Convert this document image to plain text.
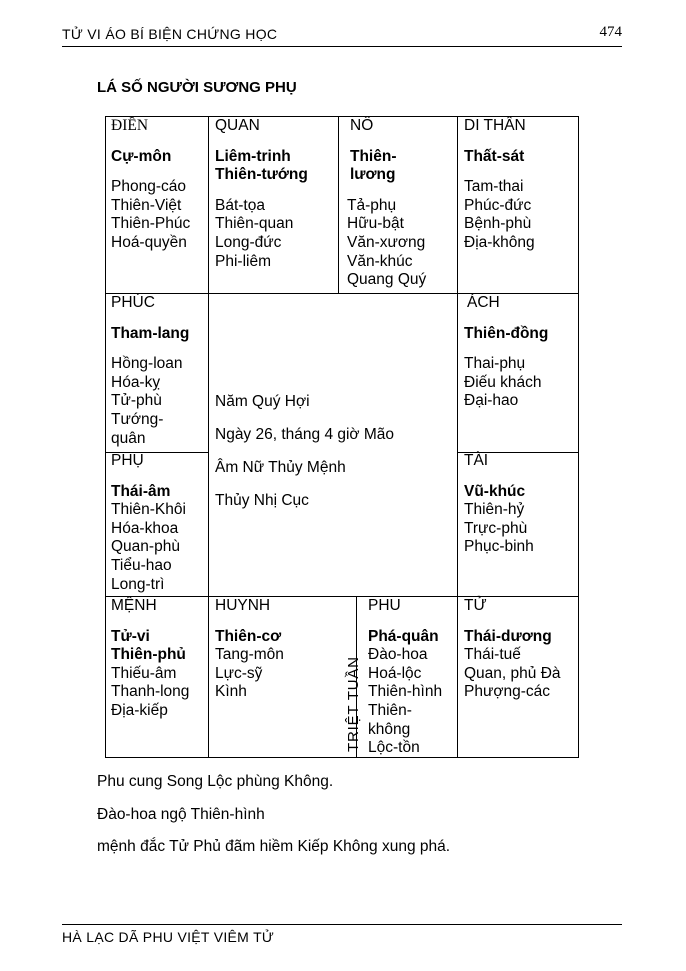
TỬ VI ÁO BÍ BIỆN CHỨNG HỌC	474
LÁ SỐ NGƯỜI SƯƠNG PHỤ
ĐIỀN
Cự-môn
Phong-cáo
Thiên-Việt
Thiên-Phúc
Hoá-quyền
QUAN
Liêm-trinh
Thiên-tướng
Bát-tọa
Thiên-quan
Long-đức
Phi-liêm
NÔ
Thiên-
lương
Tả-phụ
Hữu-bật
Văn-xương
Văn-khúc
Quang Quý
DI THÂN
Thất-sát
Tam-thai
Phúc-đức
Bệnh-phù
Địa-không
PHÚC
Tham-lang
Hồng-loan
Hóa-kỵ
Tử-phù
Tướng-
quân
ÁCH
Thiên-đồng
Thai-phụ
Điếu khách
Đại-hao
PHỤ
Thái-âm
Thiên-Khôi
Hóa-khoa
Quan-phù
Tiểu-hao
Long-trì
TÀI
Vũ-khúc
Thiên-hỷ
Trực-phù
Phục-binh
Năm Quý Hợi
Ngày 26, tháng 4 giờ Mão
Âm Nữ Thủy Mệnh
Thủy Nhị Cục
MỆNH
Tử-vi
Thiên-phủ
Thiếu-âm
Thanh-long
Địa-kiếp
HUYNH
Thiên-cơ
Tang-môn
Lực-sỹ
Kình	TRIỆT TUẦN
PHU
Phá-quân
Đào-hoa
Hoá-lộc
Thiên-hình
Thiên-
không
Lộc-tồn
TỬ
Thái-dương
Thái-tuế
Quan, phủ Đà
Phượng-các
Phu cung Song Lộc phùng Không.
Đào-hoa ngộ Thiên-hình
mệnh đắc Tử Phủ đãm hiềm Kiếp Không xung phá.
HÀ LẠC DÃ PHU VIỆT VIÊM TỬ
